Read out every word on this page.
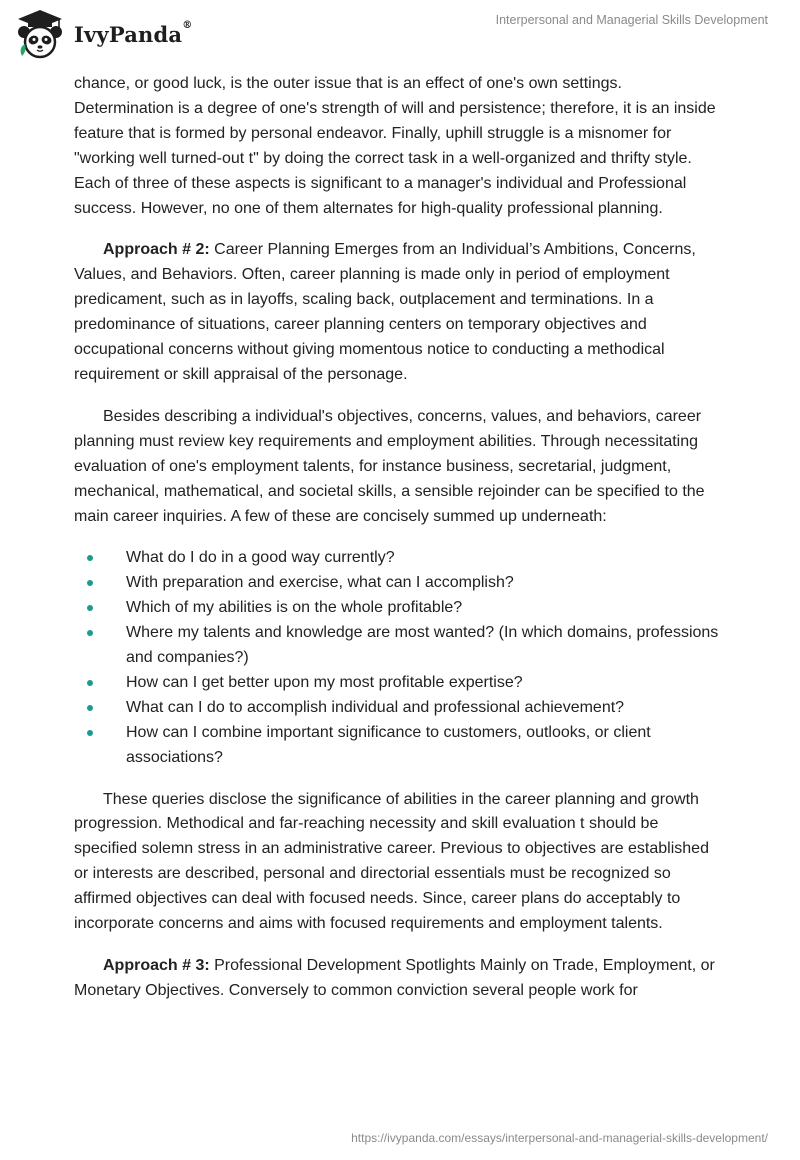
IvyPanda®	Interpersonal and Managerial Skills Development

chance, or good luck, is the outer issue that is an effect of one's own settings. Determination is a degree of one's strength of will and persistence; therefore, it is an inside feature that is formed by personal endeavor. Finally, uphill struggle is a misnomer for "working well turned-out t" by doing the correct task in a well-organized and thrifty style. Each of three of these aspects is significant to a manager's individual and Professional success. However, no one of them alternates for high-quality professional planning.

Approach # 2: Career Planning Emerges from an Individual’s Ambitions, Concerns, Values, and Behaviors. Often, career planning is made only in period of employment predicament, such as in layoffs, scaling back, outplacement and terminations. In a predominance of situations, career planning centers on temporary objectives and occupational concerns without giving momentous notice to conducting a methodical requirement or skill appraisal of the personage.

Besides describing a individual's objectives, concerns, values, and behaviors, career planning must review key requirements and employment abilities. Through necessitating evaluation of one's employment talents, for instance business, secretarial, judgment, mechanical, mathematical, and societal skills, a sensible rejoinder can be specified to the main career inquiries. A few of these are concisely summed up underneath:

What do I do in a good way currently?
With preparation and exercise, what can I accomplish?
Which of my abilities is on the whole profitable?
Where my talents and knowledge are most wanted? (In which domains, professions and companies?)
How can I get better upon my most profitable expertise?
What can I do to accomplish individual and professional achievement?
How can I combine important significance to customers, outlooks, or client associations?

These queries disclose the significance of abilities in the career planning and growth progression. Methodical and far-reaching necessity and skill evaluation t should be specified solemn stress in an administrative career. Previous to objectives are established or interests are described, personal and directorial essentials must be recognized so affirmed objectives can deal with focused needs. Since, career plans do acceptably to incorporate concerns and aims with focused requirements and employment talents.

Approach # 3: Professional Development Spotlights Mainly on Trade, Employment, or Monetary Objectives. Conversely to common conviction several people work for

https://ivypanda.com/essays/interpersonal-and-managerial-skills-development/
